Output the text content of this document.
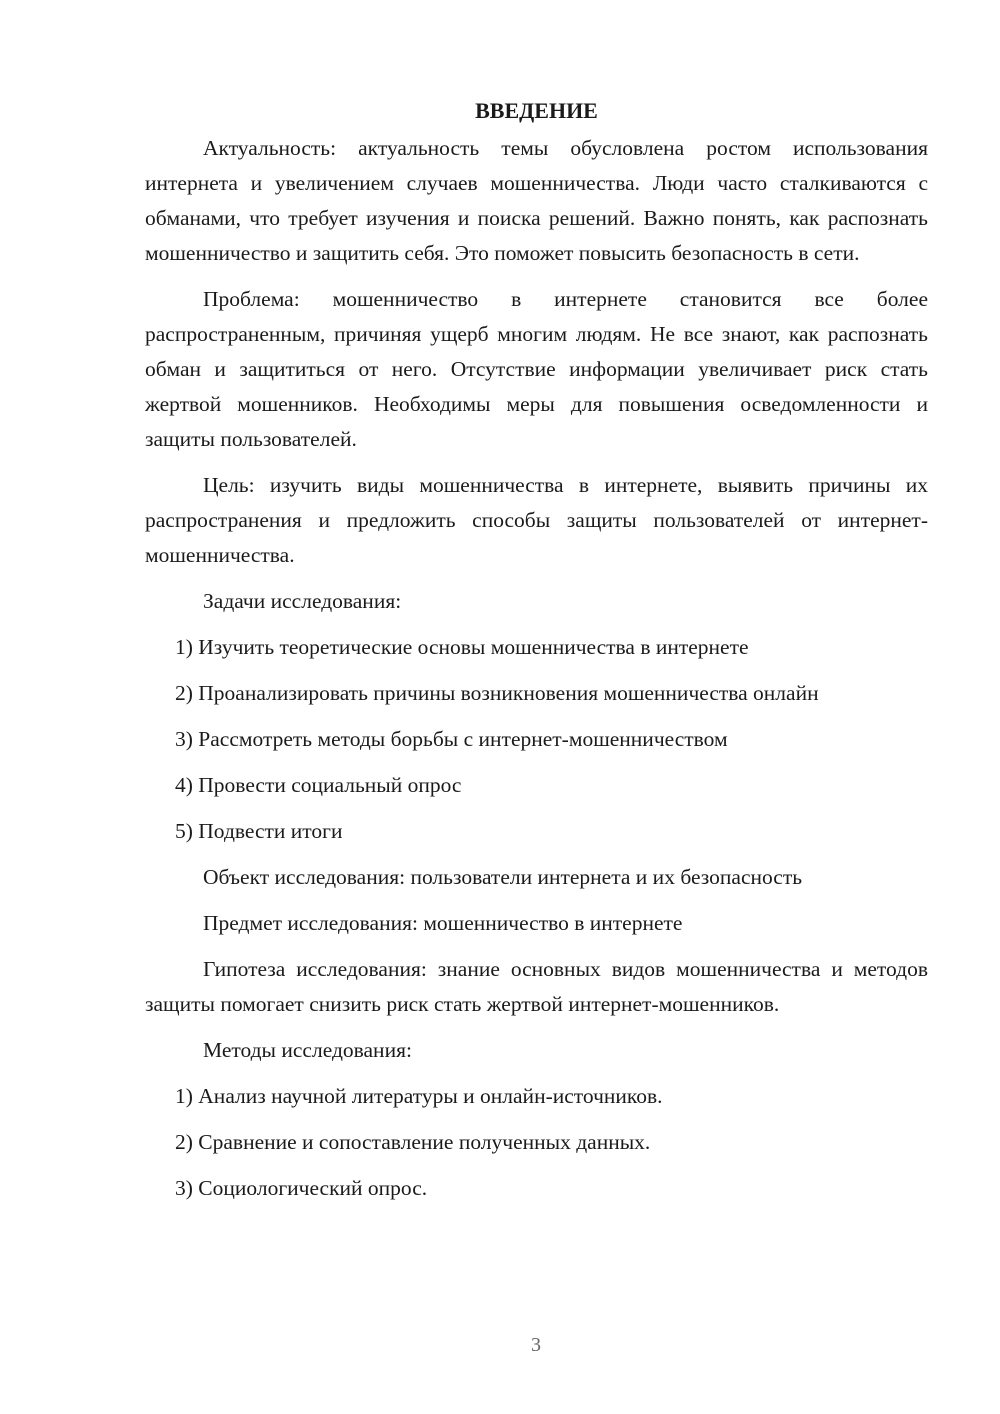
ВВЕДЕНИЕ

Актуальность: актуальность темы обусловлена ростом использования интернета и увеличением случаев мошенничества. Люди часто сталкиваются с обманами, что требует изучения и поиска решений. Важно понять, как распознать мошенничество и защитить себя. Это поможет повысить безопасность в сети.

Проблема: мошенничество в интернете становится все более распространенным, причиняя ущерб многим людям. Не все знают, как распознать обман и защититься от него. Отсутствие информации увеличивает риск стать жертвой мошенников. Необходимы меры для повышения осведомленности и защиты пользователей.

Цель: изучить виды мошенничества в интернете, выявить причины их распространения и предложить способы защиты пользователей от интернет-мошенничества.

Задачи исследования:

1) Изучить теоретические основы мошенничества в интернете

2) Проанализировать причины возникновения мошенничества онлайн

3) Рассмотреть методы борьбы с интернет-мошенничеством

4) Провести социальный опрос

5) Подвести итоги

Объект исследования: пользователи интернета и их безопасность

Предмет исследования: мошенничество в интернете

Гипотеза исследования: знание основных видов мошенничества и методов защиты помогает снизить риск стать жертвой интернет-мошенников.

Методы исследования:

1) Анализ научной литературы и онлайн-источников.

2) Сравнение и сопоставление полученных данных.

3) Социологический опрос.

3
